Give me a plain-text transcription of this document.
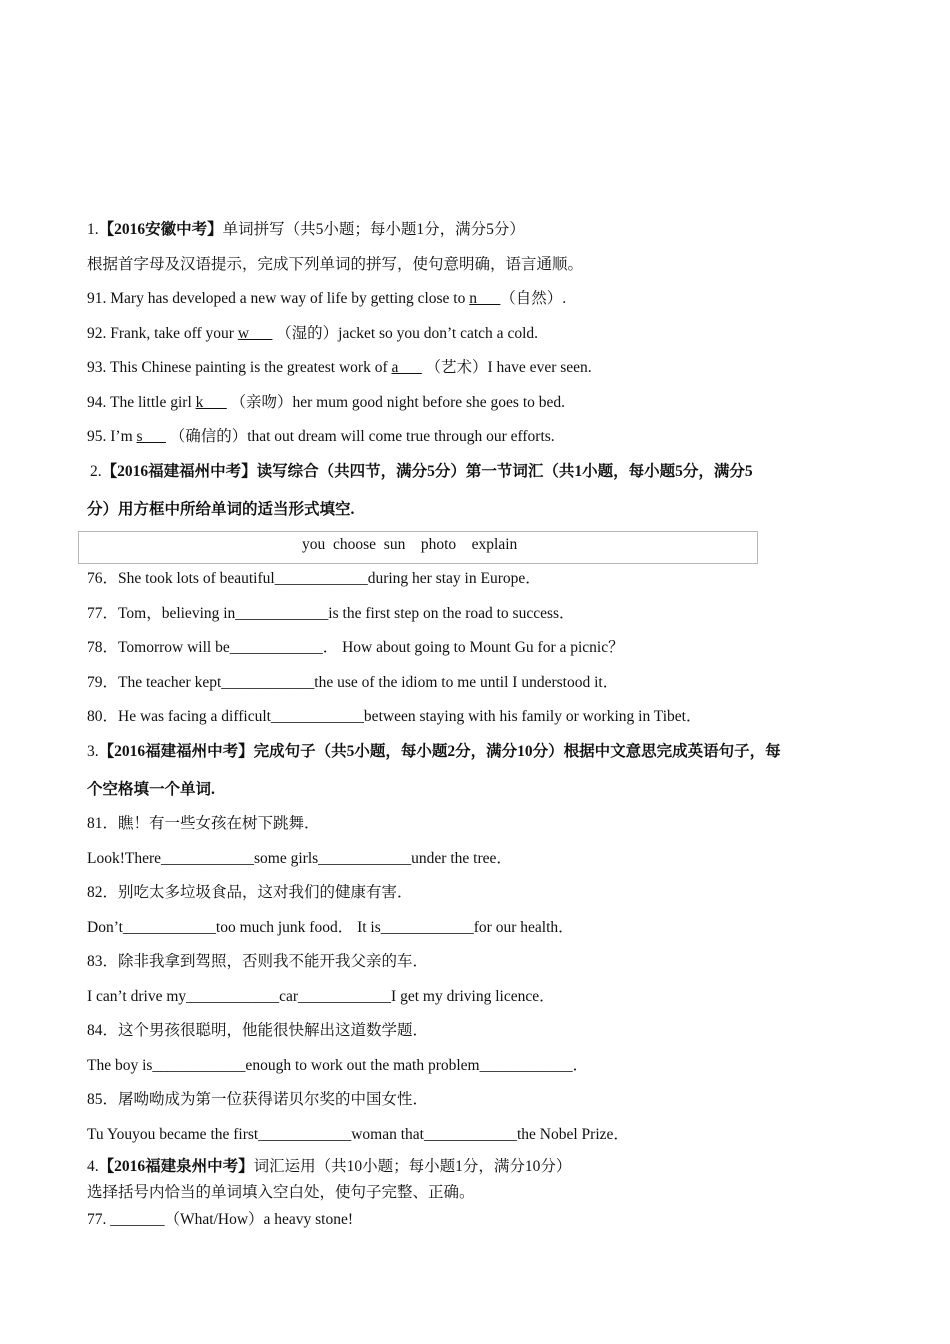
1.【2016安徽中考】单词拼写（共5小题；每小题1分，满分5分）
根据首字母及汉语提示，完成下列单词的拼写，使句意明确，语言通顺。
91. Mary has developed a new way of life by getting close to n___（自然）.
92. Frank, take off your w___ （湿的）jacket so you don’t catch a cold.
93. This Chinese painting is the greatest work of a___ （艺术）I have ever seen.
94. The little girl k___ （亲吻）her mum good night before she goes to bed.
95. I’m s___ （确信的）that out dream will come true through our efforts.
2.【2016福建福州中考】读写综合（共四节，满分5分）第一节词汇（共1小题，每小题5分，满分5
分）用方框中所给单词的适当形式填空.
you  choose  sun    photo    explain
76．She took lots of beautiful____________during her stay in Europe．
77．Tom，believing in____________is the first step on the road to success．
78．Tomorrow will be____________． How about going to Mount Gu for a picnic？
79．The teacher kept____________the use of the idiom to me until I understood it．
80．He was facing a difficult____________between staying with his family or working in Tibet．
3.【2016福建福州中考】完成句子（共5小题，每小题2分，满分10分）根据中文意思完成英语句子，每
个空格填一个单词.
81．瞧！有一些女孩在树下跳舞．
Look!There____________some girls____________under the tree．
82．别吃太多垃圾食品，这对我们的健康有害．
Don’t____________too much junk food． It is____________for our health．
83．除非我拿到驾照，否则我不能开我父亲的车．
I can’t drive my____________car____________I get my driving licence．
84．这个男孩很聪明，他能很快解出这道数学题．
The boy is____________enough to work out the math problem____________．
85．屠呦呦成为第一位获得诺贝尔奖的中国女性．
Tu Youyou became the first____________woman that____________the Nobel Prize．
4.【2016福建泉州中考】词汇运用（共10小题；每小题1分，满分10分）
选择括号内恰当的单词填入空白处，使句子完整、正确。
77. _______（What/How）a heavy stone!
